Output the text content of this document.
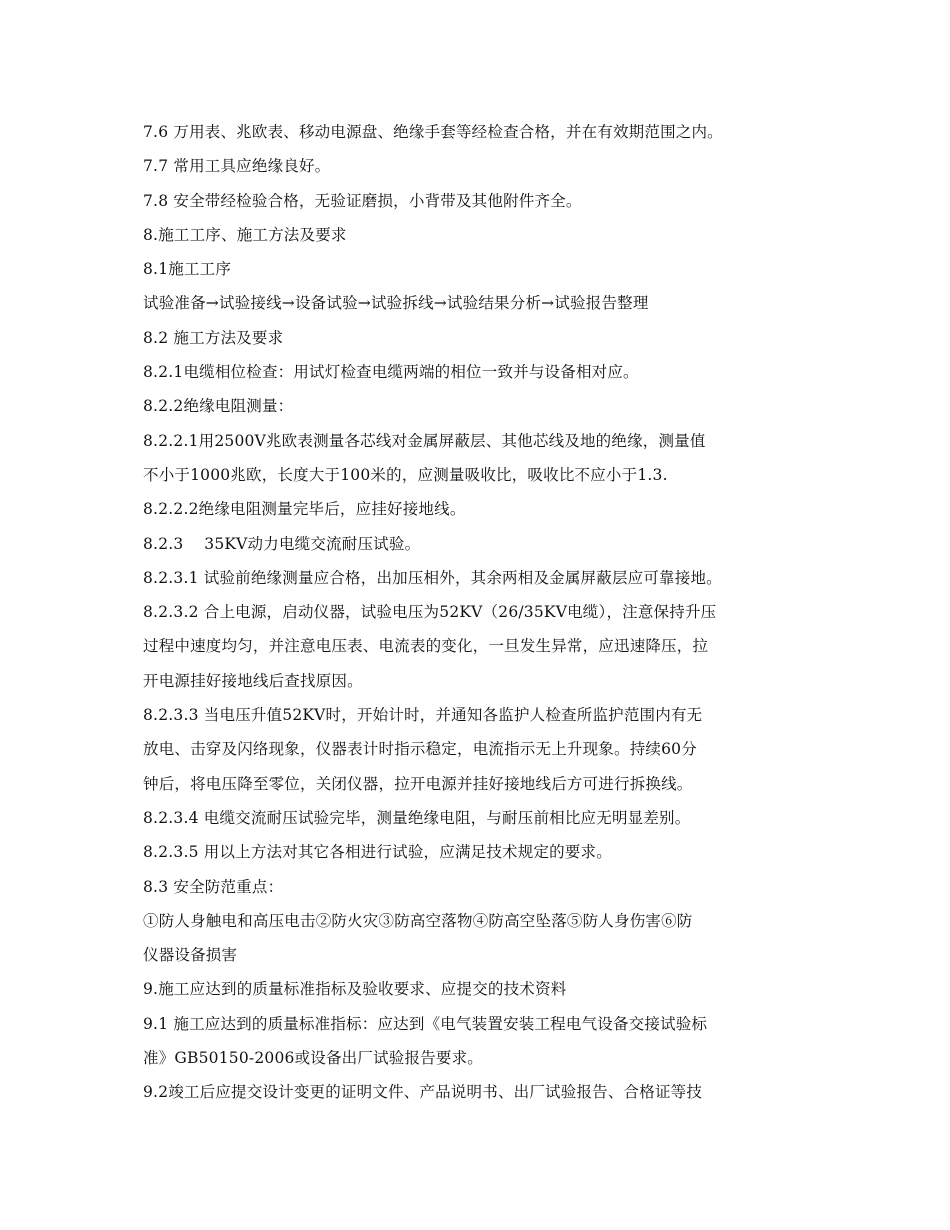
7.6 万用表、兆欧表、移动电源盘、绝缘手套等经检查合格，并在有效期范围之内。
7.7 常用工具应绝缘良好。
7.8 安全带经检验合格，无验证磨损，小背带及其他附件齐全。
8.施工工序、施工方法及要求
8.1施工工序
试验准备→试验接线→设备试验→试验拆线→试验结果分析→试验报告整理
8.2 施工方法及要求
8.2.1电缆相位检查：用试灯检查电缆两端的相位一致并与设备相对应。
8.2.2绝缘电阻测量：
8.2.2.1用2500V兆欧表测量各芯线对金属屏蔽层、其他芯线及地的绝缘，测量值
不小于1000兆欧，长度大于100米的，应测量吸收比，吸收比不应小于1.3.
8.2.2.2绝缘电阻测量完毕后，应挂好接地线。
8.2.3　 35KV动力电缆交流耐压试验。
8.2.3.1 试验前绝缘测量应合格，出加压相外，其余两相及金属屏蔽层应可靠接地。
8.2.3.2 合上电源，启动仪器，试验电压为52KV（26/35KV电缆），注意保持升压
过程中速度均匀，并注意电压表、电流表的变化，一旦发生异常，应迅速降压，拉
开电源挂好接地线后查找原因。
8.2.3.3 当电压升值52KV时，开始计时，并通知各监护人检查所监护范围内有无
放电、击穿及闪络现象，仪器表计时指示稳定，电流指示无上升现象。持续60分
钟后，将电压降至零位，关闭仪器，拉开电源并挂好接地线后方可进行拆换线。
8.2.3.4 电缆交流耐压试验完毕，测量绝缘电阻，与耐压前相比应无明显差别。
8.2.3.5 用以上方法对其它各相进行试验，应满足技术规定的要求。
8.3 安全防范重点：
①防人身触电和高压电击②防火灾③防高空落物④防高空坠落⑤防人身伤害⑥防
仪器设备损害
9.施工应达到的质量标准指标及验收要求、应提交的技术资料
9.1 施工应达到的质量标准指标：应达到《电气装置安装工程电气设备交接试验标
准》GB50150-2006或设备出厂试验报告要求。
9.2竣工后应提交设计变更的证明文件、产品说明书、出厂试验报告、合格证等技
